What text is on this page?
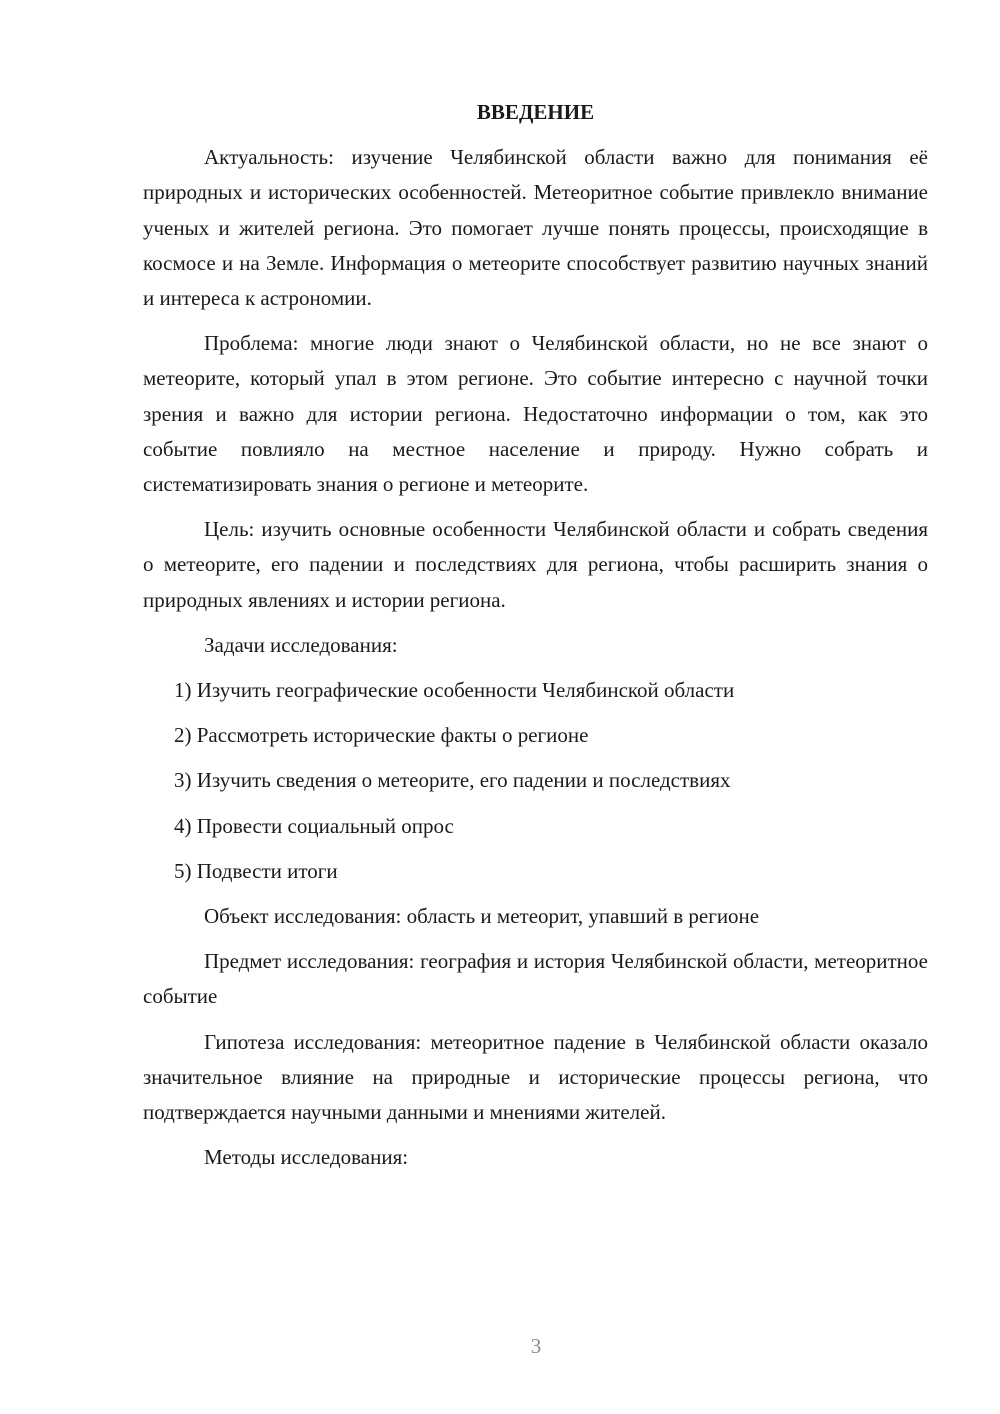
ВВЕДЕНИЕ

Актуальность: изучение Челябинской области важно для понимания её природных и исторических особенностей. Метеоритное событие привлекло внимание ученых и жителей региона. Это помогает лучше понять процессы, происходящие в космосе и на Земле. Информация о метеорите способствует развитию научных знаний и интереса к астрономии.

Проблема: многие люди знают о Челябинской области, но не все знают о метеорите, который упал в этом регионе. Это событие интересно с научной точки зрения и важно для истории региона. Недостаточно информации о том, как это событие повлияло на местное население и природу. Нужно собрать и систематизировать знания о регионе и метеорите.

Цель: изучить основные особенности Челябинской области и собрать сведения о метеорите, его падении и последствиях для региона, чтобы расширить знания о природных явлениях и истории региона.

Задачи исследования:

1) Изучить географические особенности Челябинской области
2) Рассмотреть исторические факты о регионе
3) Изучить сведения о метеорите, его падении и последствиях
4) Провести социальный опрос
5) Подвести итоги

Объект исследования: область и метеорит, упавший в регионе

Предмет исследования: география и история Челябинской области, метеоритное событие

Гипотеза исследования: метеоритное падение в Челябинской области оказало значительное влияние на природные и исторические процессы региона, что подтверждается научными данными и мнениями жителей.

Методы исследования:

3
